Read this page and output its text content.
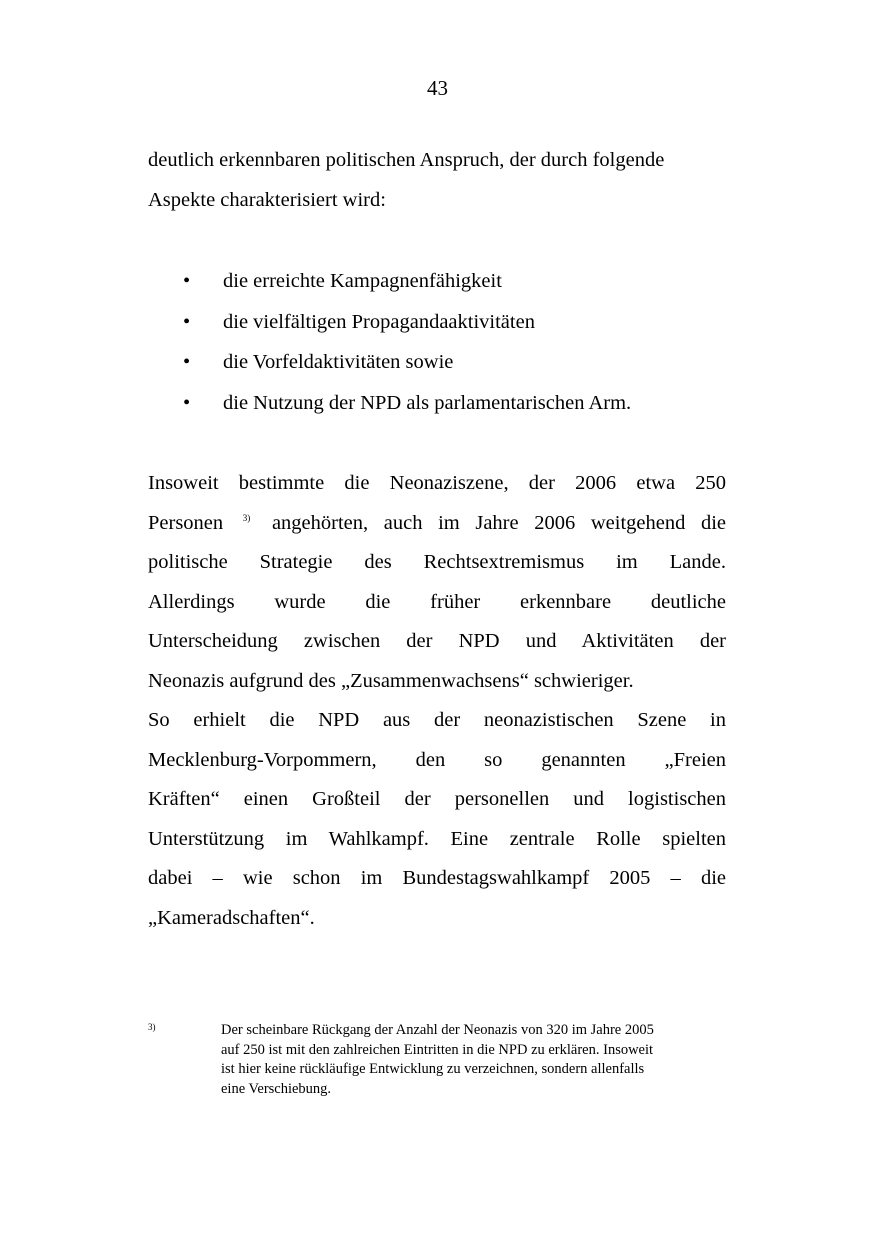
43
deutlich erkennbaren politischen Anspruch, der durch folgende
Aspekte charakterisiert wird:
• die erreichte Kampagnenfähigkeit
• die vielfältigen Propagandaaktivitäten
• die Vorfeldaktivitäten sowie
• die Nutzung der NPD als parlamentarischen Arm.
Insoweit bestimmte die Neonaziszene, der 2006 etwa 250
Personen $^{3)}$ angehörten, auch im Jahre 2006 weitgehend die
politische Strategie des Rechtsextremismus im Lande.
Allerdings wurde die früher erkennbare deutliche
Unterscheidung zwischen der NPD und Aktivitäten der
Neonazis aufgrund des „Zusammenwachsens“ schwieriger.
So erhielt die NPD aus der neonazistischen Szene in
Mecklenburg-Vorpommern, den so genannten „Freien
Kräften“ einen Großteil der personellen und logistischen
Unterstützung im Wahlkampf. Eine zentrale Rolle spielten
dabei – wie schon im Bundestagswahlkampf 2005 – die
„Kameradschaften“.
3)	Der scheinbare Rückgang der Anzahl der Neonazis von 320 im Jahre 2005
auf 250 ist mit den zahlreichen Eintritten in die NPD zu erklären. Insoweit
ist hier keine rückläufige Entwicklung zu verzeichnen, sondern allenfalls
eine Verschiebung.
